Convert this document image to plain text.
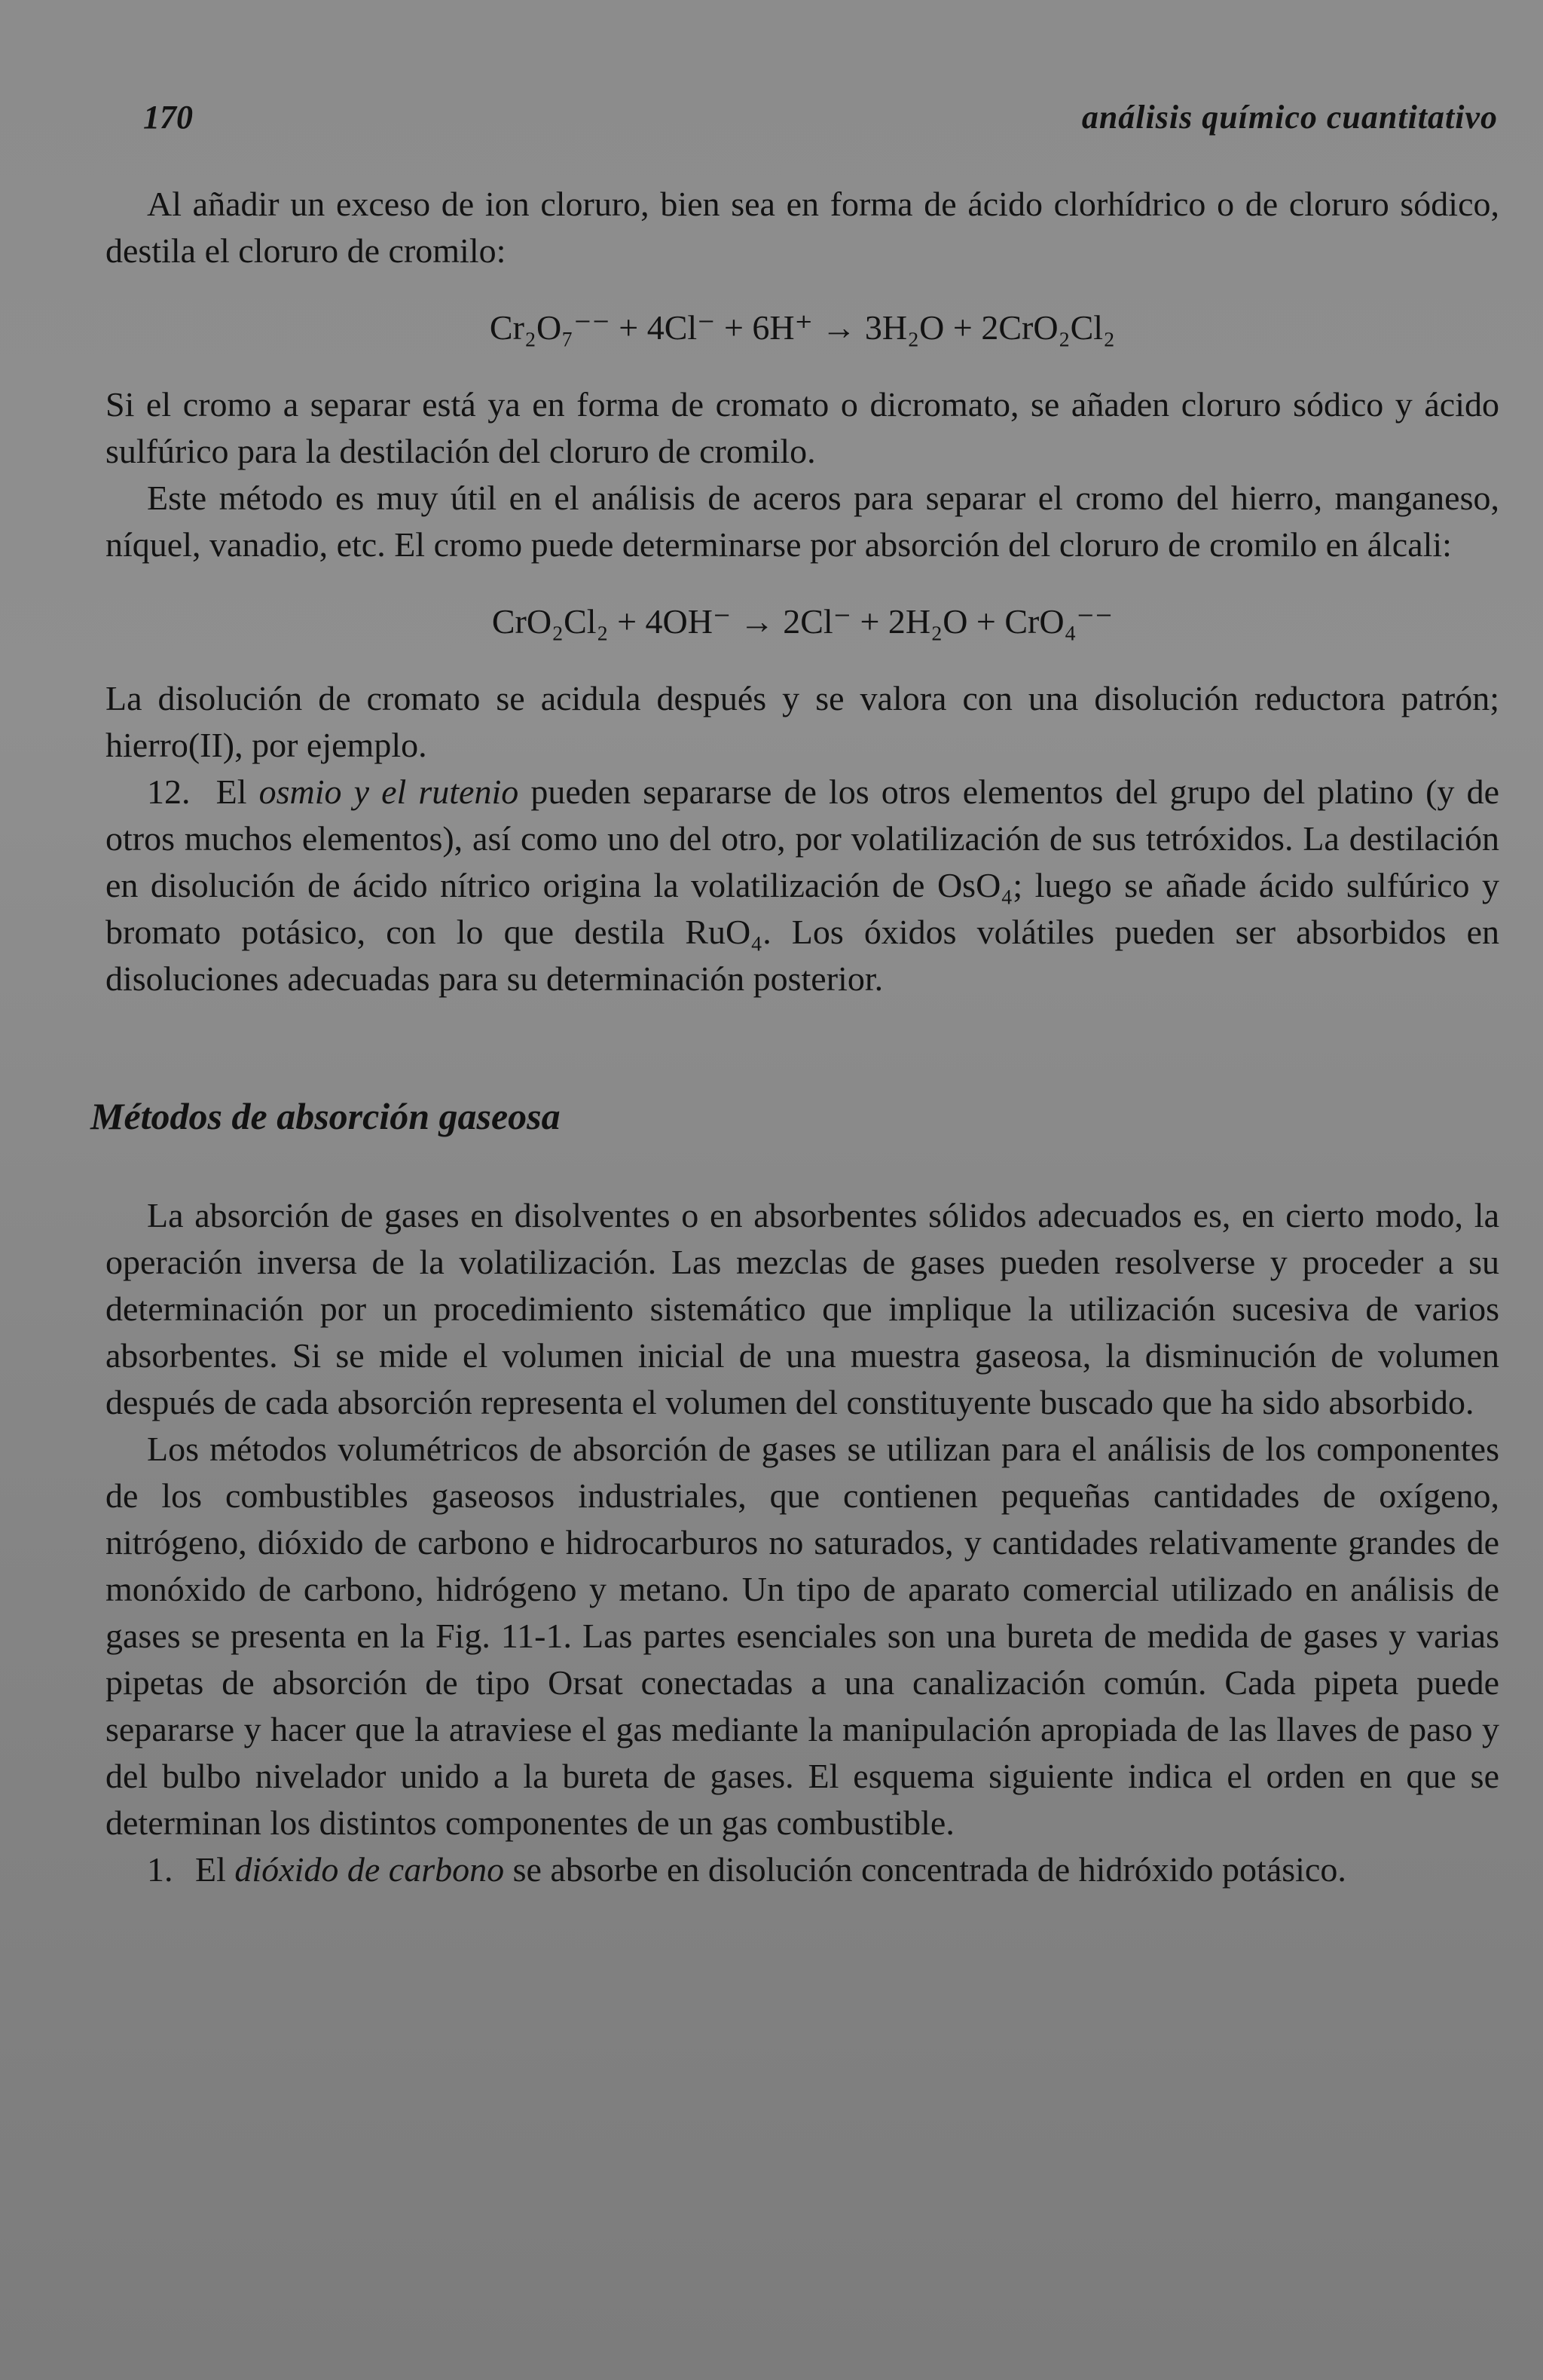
170	análisis químico cuantitativo

Al añadir un exceso de ion cloruro, bien sea en forma de ácido clorhídrico o de cloruro sódico, destila el cloruro de cromilo:

Cr₂O₇⁻⁻ + 4Cl⁻ + 6H⁺ → 3H₂O + 2CrO₂Cl₂

Si el cromo a separar está ya en forma de cromato o dicromato, se añaden cloruro sódico y ácido sulfúrico para la destilación del cloruro de cromilo.

Este método es muy útil en el análisis de aceros para separar el cromo del hierro, manganeso, níquel, vanadio, etc. El cromo puede determinarse por absorción del cloruro de cromilo en álcali:

CrO₂Cl₂ + 4OH⁻ → 2Cl⁻ + 2H₂O + CrO₄⁻⁻

La disolución de cromato se acidula después y se valora con una disolución reductora patrón; hierro(II), por ejemplo.

12. El osmio y el rutenio pueden separarse de los otros elementos del grupo del platino (y de otros muchos elementos), así como uno del otro, por volatilización de sus tetróxidos. La destilación en disolución de ácido nítrico origina la volatilización de OsO₄; luego se añade ácido sulfúrico y bromato potásico, con lo que destila RuO₄. Los óxidos volátiles pueden ser absorbidos en disoluciones adecuadas para su determinación posterior.

Métodos de absorción gaseosa

La absorción de gases en disolventes o en absorbentes sólidos adecuados es, en cierto modo, la operación inversa de la volatilización. Las mezclas de gases pueden resolverse y proceder a su determinación por un procedimiento sistemático que implique la utilización sucesiva de varios absorbentes. Si se mide el volumen inicial de una muestra gaseosa, la disminución de volumen después de cada absorción representa el volumen del constituyente buscado que ha sido absorbido.

Los métodos volumétricos de absorción de gases se utilizan para el análisis de los componentes de los combustibles gaseosos industriales, que contienen pequeñas cantidades de oxígeno, nitrógeno, dióxido de carbono e hidrocarburos no saturados, y cantidades relativamente grandes de monóxido de carbono, hidrógeno y metano. Un tipo de aparato comercial utilizado en análisis de gases se presenta en la Fig. 11-1. Las partes esenciales son una bureta de medida de gases y varias pipetas de absorción de tipo Orsat conectadas a una canalización común. Cada pipeta puede separarse y hacer que la atraviese el gas mediante la manipulación apropiada de las llaves de paso y del bulbo nivelador unido a la bureta de gases. El esquema siguiente indica el orden en que se determinan los distintos componentes de un gas combustible.

1. El dióxido de carbono se absorbe en disolución concentrada de hidróxido potásico.
